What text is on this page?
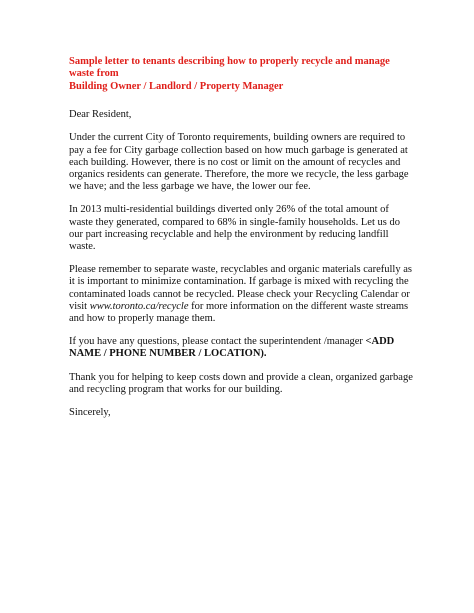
Sample letter to tenants describing how to properly recycle and manage waste from
Building Owner / Landlord / Property Manager
Dear Resident,
Under the current City of Toronto requirements, building owners are required to pay a fee for City garbage collection based on how much garbage is generated at each building. However, there is no cost or limit on the amount of recycles and organics residents can generate. Therefore, the more we recycle, the less garbage we have; and the less garbage we have, the lower our fee.
In 2013 multi-residential buildings diverted only 26% of the total amount of waste they generated, compared to 68% in single-family households. Let us do our part increasing recyclable and help the environment by reducing landfill waste.
Please remember to separate waste, recyclables and organic materials carefully as it is important to minimize contamination. If garbage is mixed with recycling the contaminated loads cannot be recycled. Please check your Recycling Calendar or visit www.toronto.ca/recycle for more information on the different waste streams and how to properly manage them.
If you have any questions, please contact the superintendent /manager <ADD NAME / PHONE NUMBER / LOCATION).
Thank you for helping to keep costs down and provide a clean, organized garbage and recycling program that works for our building.
Sincerely,
